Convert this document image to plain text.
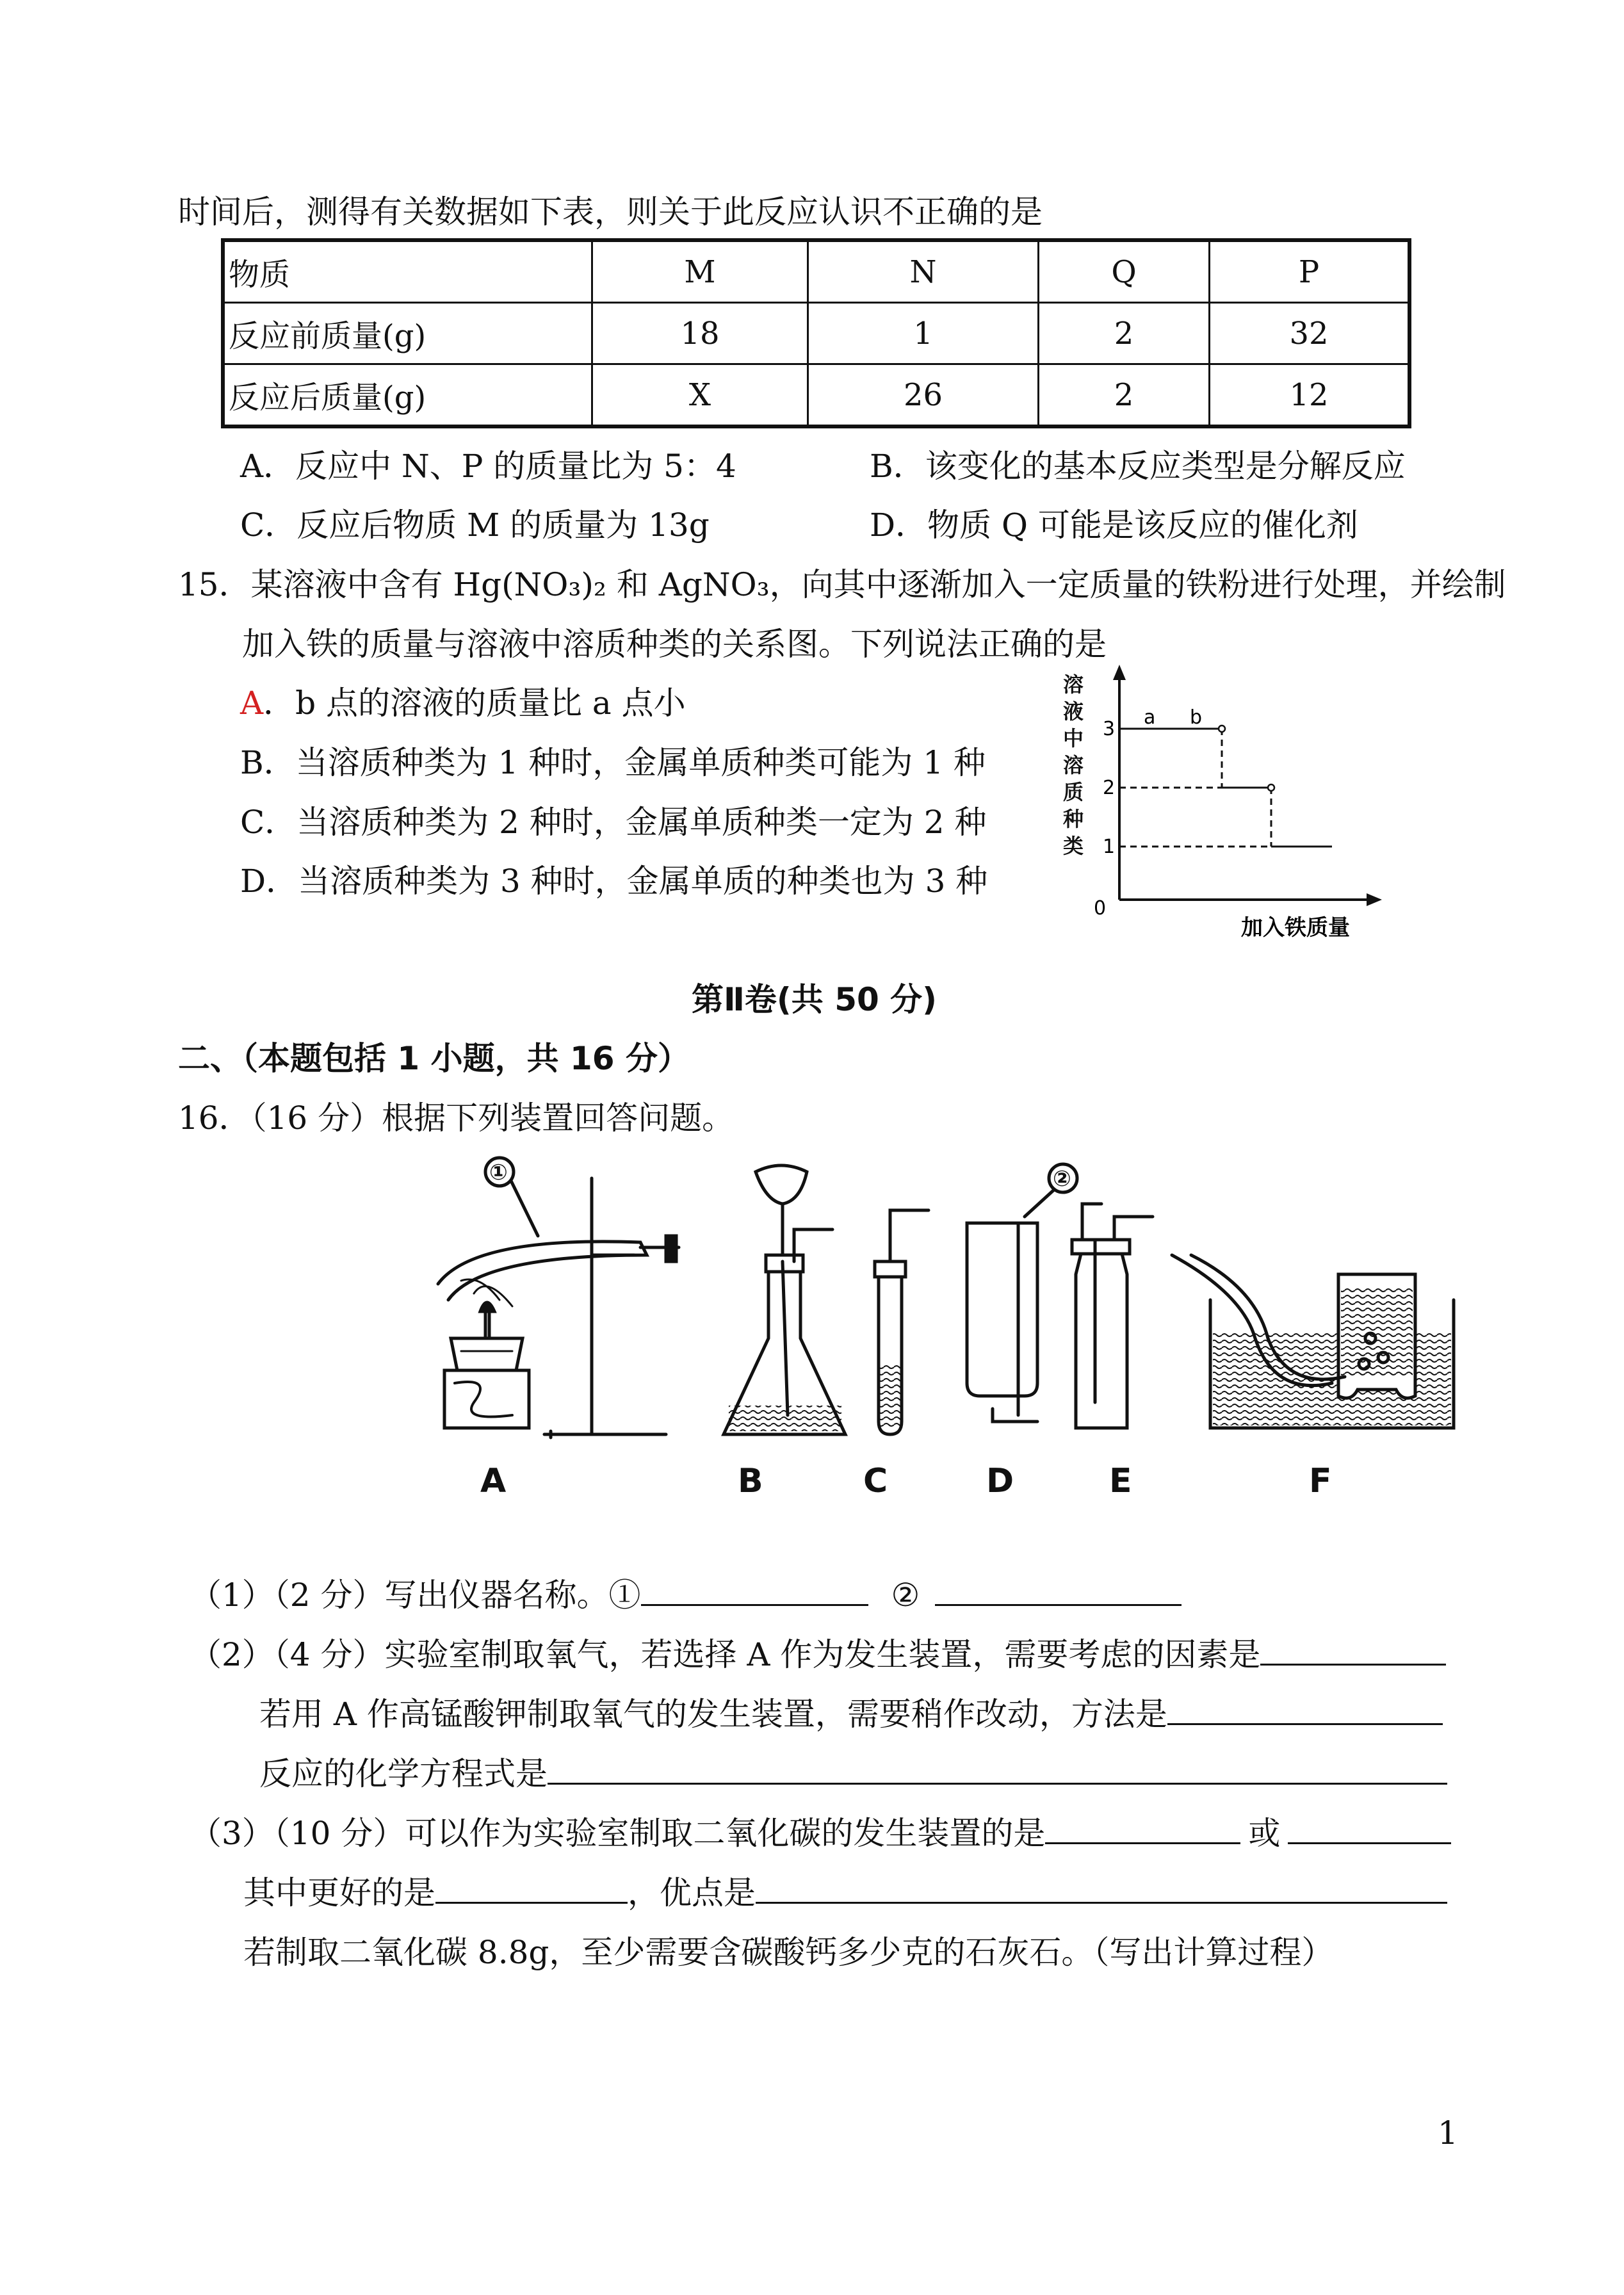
时间后，测得有关数据如下表，则关于此反应认识不正确的是
物质	M	N	Q	P
反应前质量(g)	18	1	2	32
反应后质量(g)	X	26	2	12
A．反应中 N、P 的质量比为 5：4	B．该变化的基本反应类型是分解反应
C．反应后物质 M 的质量为 13g	D．物质 Q 可能是该反应的催化剂
15．某溶液中含有 Hg(NO₃)₂ 和 AgNO₃，向其中逐渐加入一定质量的铁粉进行处理，并绘制
加入铁的质量与溶液中溶质种类的关系图。下列说法正确的是
A．b 点的溶液的质量比 a 点小
B．当溶质种类为 1 种时，金属单质种类可能为 1 种
C．当溶质种类为 2 种时，金属单质种类一定为 2 种
D．当溶质种类为 3 种时，金属单质的种类也为 3 种
溶
液
中
溶
质
种
类
3
2
1
0
a b
加入铁质量
第Ⅱ卷(共 50 分)
二、（本题包括 1 小题，共 16 分）
16．（16 分）根据下列装置回答问题。
①	②
A	B	C	D	E	F
（1）（2 分）写出仪器名称。①	②
（2）（4 分）实验室制取氧气，若选择 A 作为发生装置，需要考虑的因素是
若用 A 作高锰酸钾制取氧气的发生装置，需要稍作改动，方法是
反应的化学方程式是
（3）（10 分）可以作为实验室制取二氧化碳的发生装置的是	或
其中更好的是	，优点是
若制取二氧化碳 8.8g，至少需要含碳酸钙多少克的石灰石。（写出计算过程）
1
